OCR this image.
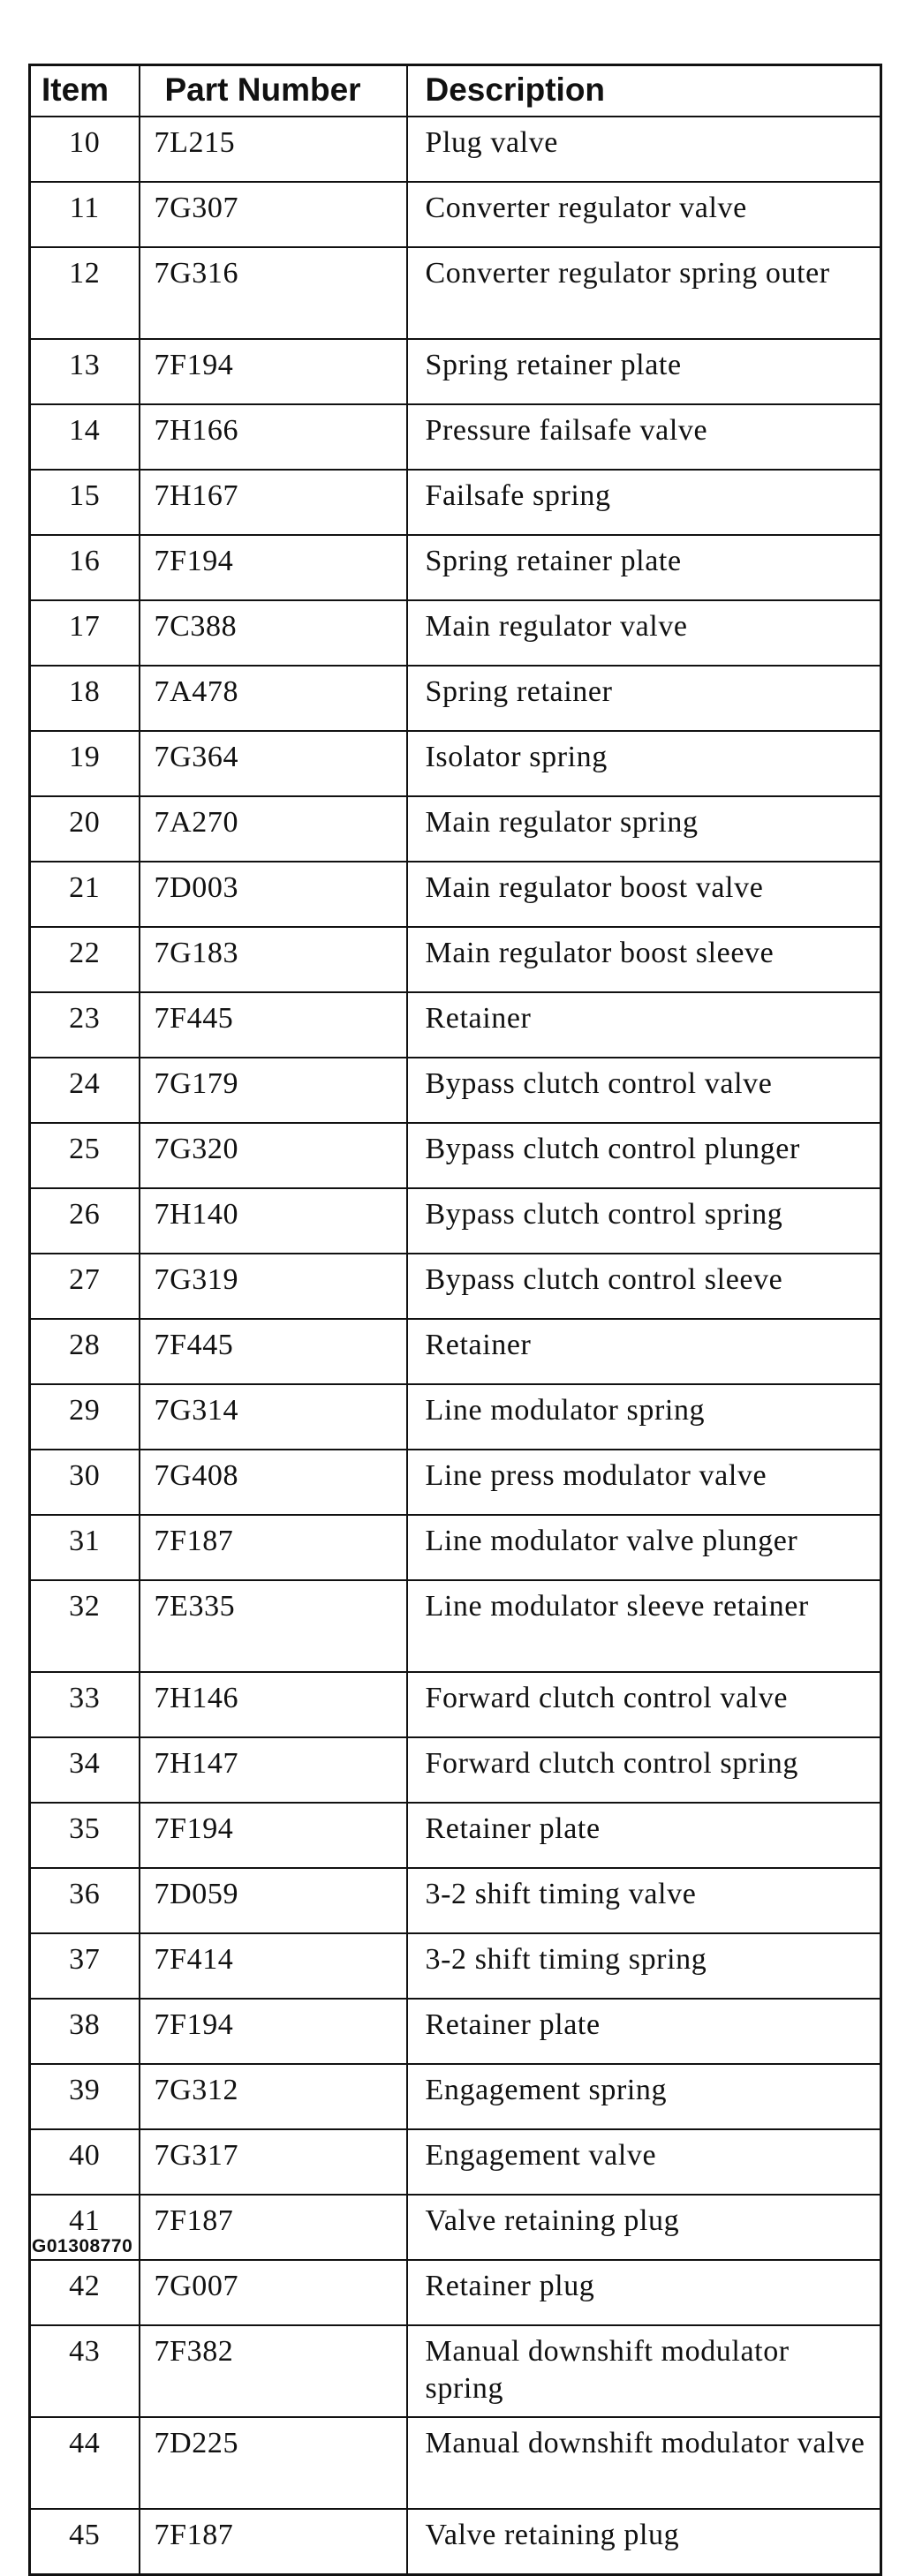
Item	Part Number	Description
10	7L215	Plug valve
11	7G307	Converter regulator valve
12	7G316	Converter regulator spring outer
13	7F194	Spring retainer plate
14	7H166	Pressure failsafe valve
15	7H167	Failsafe spring
16	7F194	Spring retainer plate
17	7C388	Main regulator valve
18	7A478	Spring retainer
19	7G364	Isolator spring
20	7A270	Main regulator spring
21	7D003	Main regulator boost valve
22	7G183	Main regulator boost sleeve
23	7F445	Retainer
24	7G179	Bypass clutch control valve
25	7G320	Bypass clutch control plunger
26	7H140	Bypass clutch control spring
27	7G319	Bypass clutch control sleeve
28	7F445	Retainer
29	7G314	Line modulator spring
30	7G408	Line press modulator valve
31	7F187	Line modulator valve plunger
32	7E335	Line modulator sleeve retainer
33	7H146	Forward clutch control valve
34	7H147	Forward clutch control spring
35	7F194	Retainer plate
36	7D059	3-2 shift timing valve
37	7F414	3-2 shift timing spring
38	7F194	Retainer plate
39	7G312	Engagement spring
40	7G317	Engagement valve
41	7F187	Valve retaining plug
42	7G007	Retainer plug
43	7F382	Manual downshift modulator spring
44	7D225	Manual downshift modulator valve
45	7F187	Valve retaining plug
G01308770
